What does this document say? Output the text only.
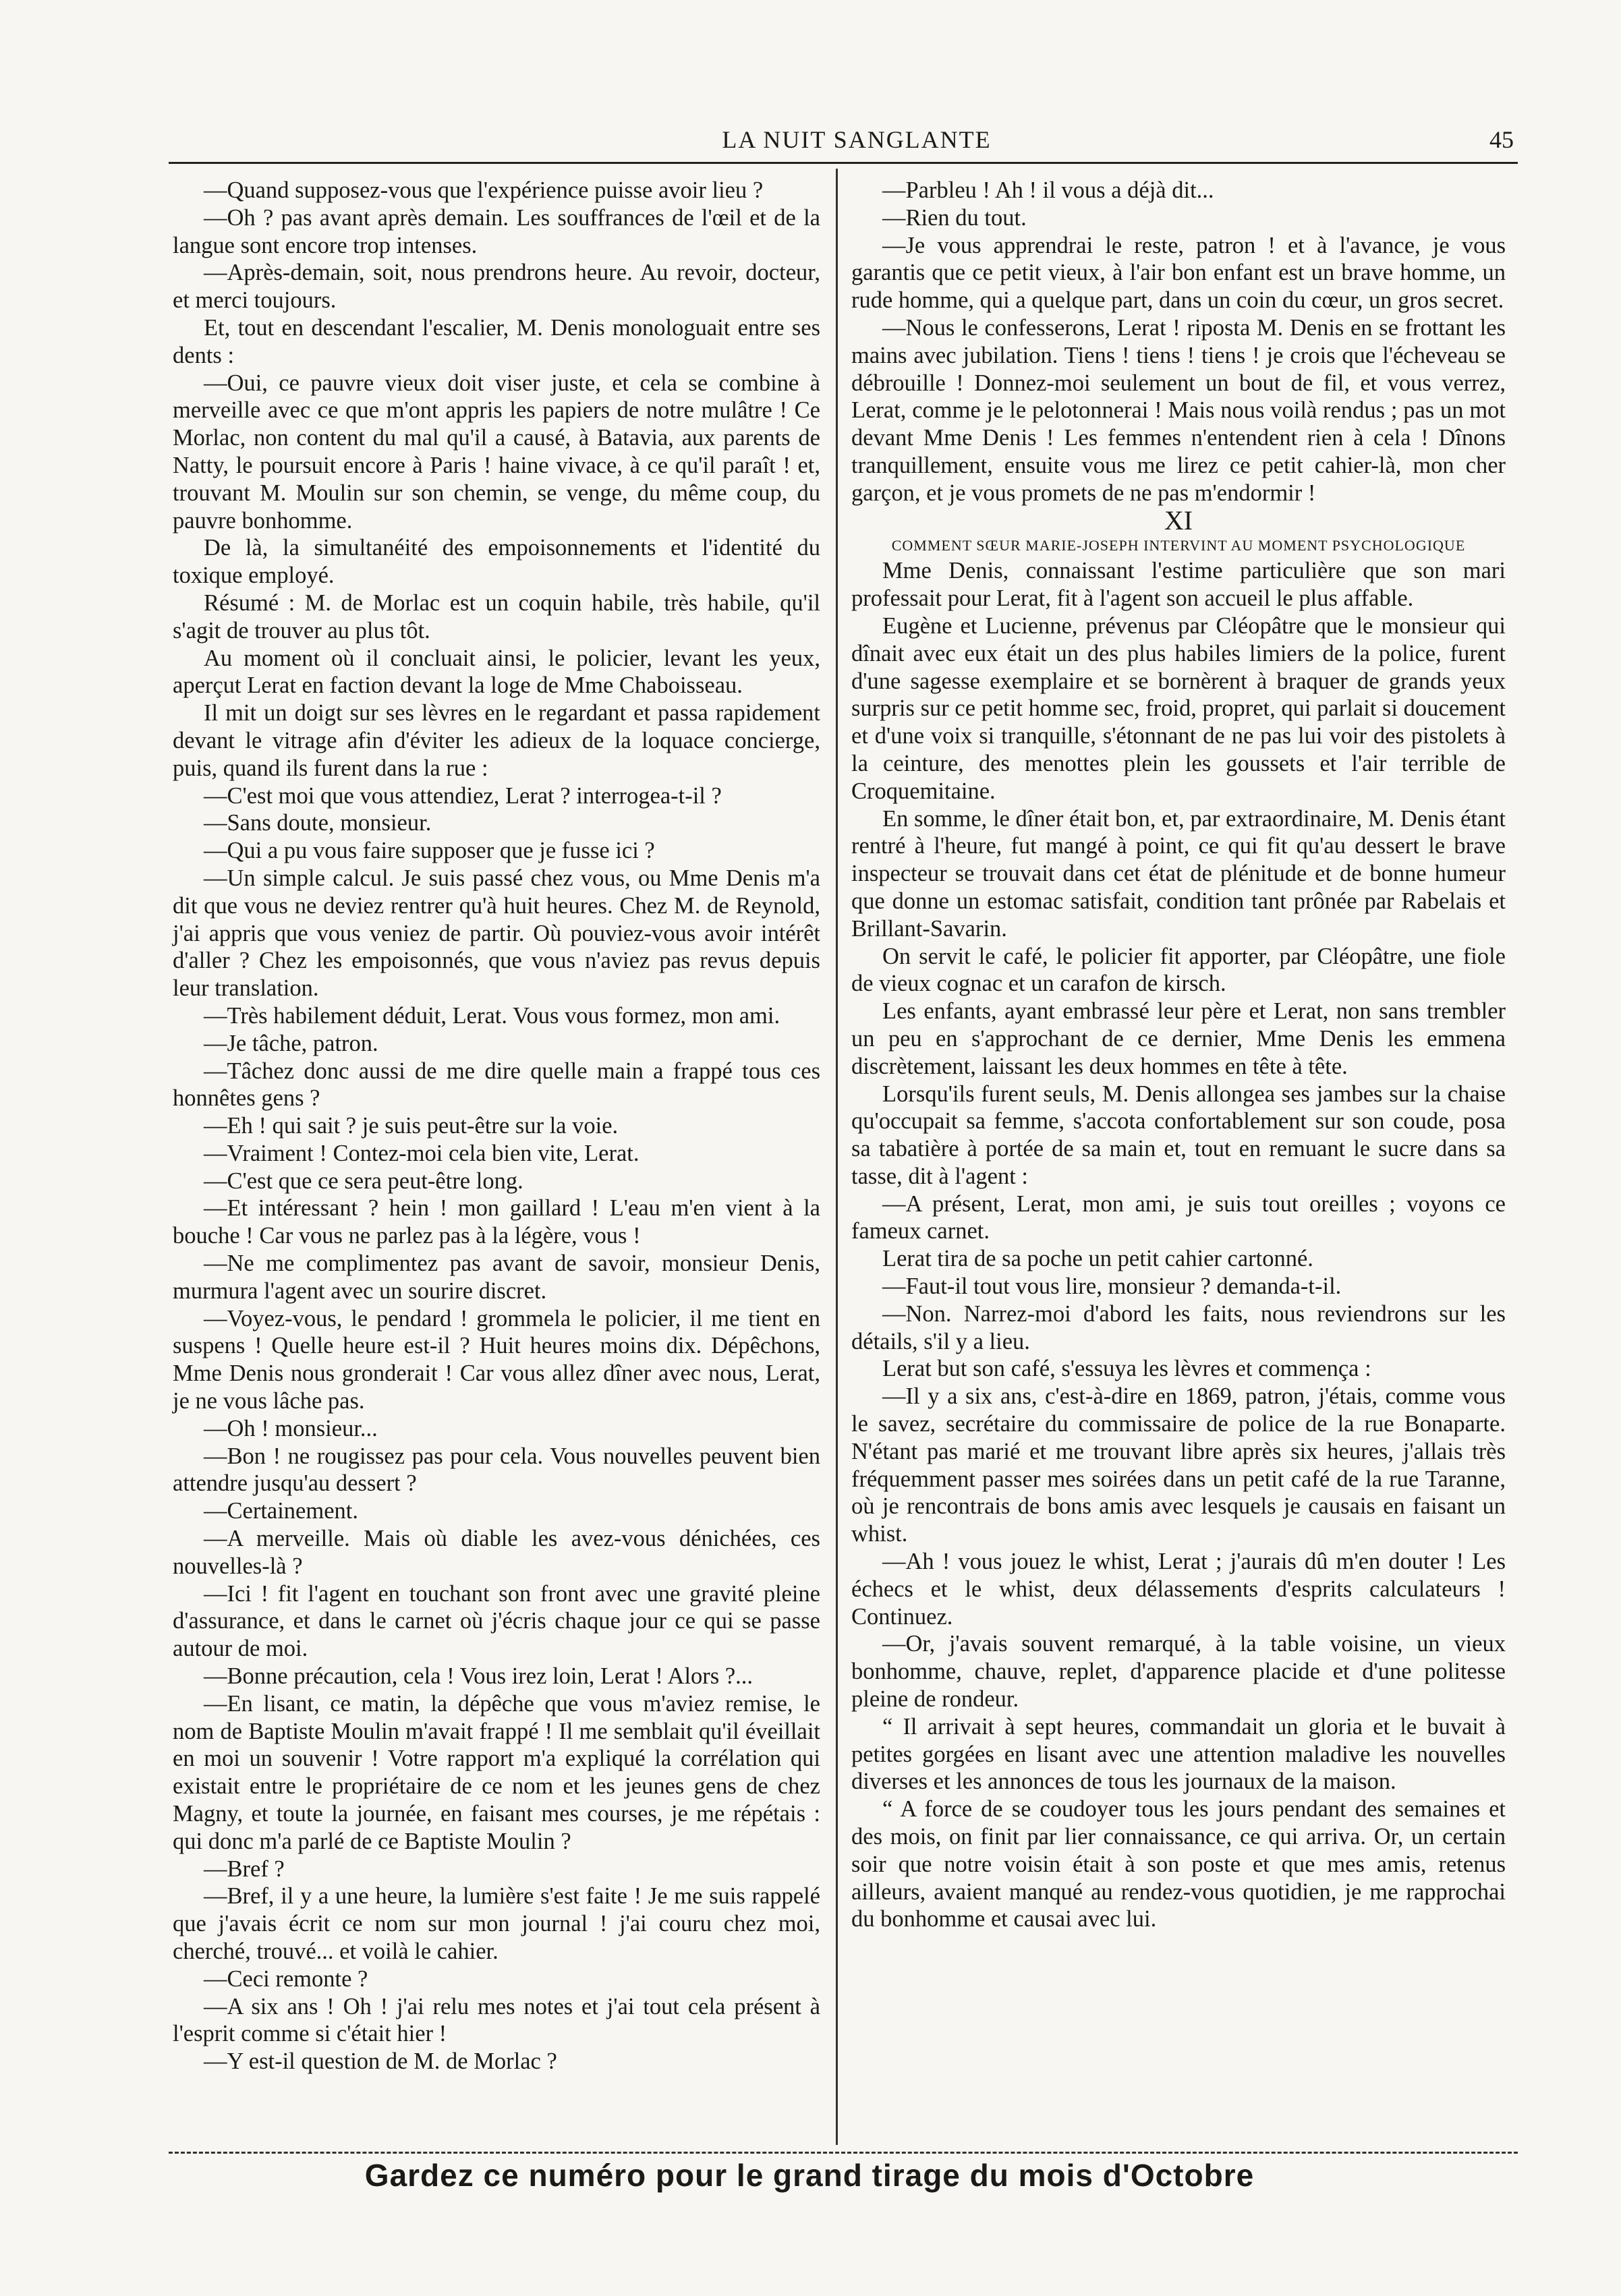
LA NUIT SANGLANTE	45

—Quand supposez-vous que l'expérience puisse avoir lieu ?

—Oh ? pas avant après demain. Les souffrances de l'œil et de la langue sont encore trop intenses.

—Après-demain, soit, nous prendrons heure. Au revoir, docteur, et merci toujours.

Et, tout en descendant l'escalier, M. Denis monologuait entre ses dents :

—Oui, ce pauvre vieux doit viser juste, et cela se combine à merveille avec ce que m'ont appris les papiers de notre mulâtre ! Ce Morlac, non content du mal qu'il a causé, à Batavia, aux parents de Natty, le poursuit encore à Paris ! haine vivace, à ce qu'il paraît ! et, trouvant M. Moulin sur son chemin, se venge, du même coup, du pauvre bonhomme.

De là, la simultanéité des empoisonnements et l'identité du toxique employé.

Résumé : M. de Morlac est un coquin habile, très habile, qu'il s'agit de trouver au plus tôt.

Au moment où il concluait ainsi, le policier, levant les yeux, aperçut Lerat en faction devant la loge de Mme Chaboisseau.

Il mit un doigt sur ses lèvres en le regardant et passa rapidement devant le vitrage afin d'éviter les adieux de la loquace concierge, puis, quand ils furent dans la rue :

—C'est moi que vous attendiez, Lerat ? interrogea-t-il ?

—Sans doute, monsieur.

—Qui a pu vous faire supposer que je fusse ici ?

—Un simple calcul. Je suis passé chez vous, ou Mme Denis m'a dit que vous ne deviez rentrer qu'à huit heures. Chez M. de Reynold, j'ai appris que vous veniez de partir. Où pouviez-vous avoir intérêt d'aller ? Chez les empoisonnés, que vous n'aviez pas revus depuis leur translation.

—Très habilement déduit, Lerat. Vous vous formez, mon ami.

—Je tâche, patron.

—Tâchez donc aussi de me dire quelle main a frappé tous ces honnêtes gens ?

—Eh ! qui sait ? je suis peut-être sur la voie.

—Vraiment ! Contez-moi cela bien vite, Lerat.

—C'est que ce sera peut-être long.

—Et intéressant ? hein ! mon gaillard ! L'eau m'en vient à la bouche ! Car vous ne parlez pas à la légère, vous !

—Ne me complimentez pas avant de savoir, monsieur Denis, murmura l'agent avec un sourire discret.

—Voyez-vous, le pendard ! grommela le policier, il me tient en suspens ! Quelle heure est-il ? Huit heures moins dix. Dépêchons, Mme Denis nous gronderait ! Car vous allez dîner avec nous, Lerat, je ne vous lâche pas.

—Oh ! monsieur...

—Bon ! ne rougissez pas pour cela. Vous nouvelles peuvent bien attendre jusqu'au dessert ?

—Certainement.

—A merveille. Mais où diable les avez-vous dénichées, ces nouvelles-là ?

—Ici ! fit l'agent en touchant son front avec une gravité pleine d'assurance, et dans le carnet où j'écris chaque jour ce qui se passe autour de moi.

—Bonne précaution, cela ! Vous irez loin, Lerat ! Alors ?...

—En lisant, ce matin, la dépêche que vous m'aviez remise, le nom de Baptiste Moulin m'avait frappé ! Il me semblait qu'il éveillait en moi un souvenir ! Votre rapport m'a expliqué la corrélation qui existait entre le propriétaire de ce nom et les jeunes gens de chez Magny, et toute la journée, en faisant mes courses, je me répétais : qui donc m'a parlé de ce Baptiste Moulin ?

—Bref ?

—Bref, il y a une heure, la lumière s'est faite ! Je me suis rappelé que j'avais écrit ce nom sur mon journal ! j'ai couru chez moi, cherché, trouvé... et voilà le cahier.

—Ceci remonte ?

—A six ans ! Oh ! j'ai relu mes notes et j'ai tout cela présent à l'esprit comme si c'était hier !

—Y est-il question de M. de Morlac ?

—Parbleu ! Ah ! il vous a déjà dit...

—Rien du tout.

—Je vous apprendrai le reste, patron ! et à l'avance, je vous garantis que ce petit vieux, à l'air bon enfant est un brave homme, un rude homme, qui a quelque part, dans un coin du cœur, un gros secret.

—Nous le confesserons, Lerat ! riposta M. Denis en se frottant les mains avec jubilation. Tiens ! tiens ! tiens ! je crois que l'écheveau se débrouille ! Donnez-moi seulement un bout de fil, et vous verrez, Lerat, comme je le pelotonnerai ! Mais nous voilà rendus ; pas un mot devant Mme Denis ! Les femmes n'entendent rien à cela ! Dînons tranquillement, ensuite vous me lirez ce petit cahier-là, mon cher garçon, et je vous promets de ne pas m'endormir !

XI

COMMENT SŒUR MARIE-JOSEPH INTERVINT AU MOMENT PSYCHOLOGIQUE

Mme Denis, connaissant l'estime particulière que son mari professait pour Lerat, fit à l'agent son accueil le plus affable.

Eugène et Lucienne, prévenus par Cléopâtre que le monsieur qui dînait avec eux était un des plus habiles limiers de la police, furent d'une sagesse exemplaire et se bornèrent à braquer de grands yeux surpris sur ce petit homme sec, froid, propret, qui parlait si doucement et d'une voix si tranquille, s'étonnant de ne pas lui voir des pistolets à la ceinture, des menottes plein les goussets et l'air terrible de Croquemitaine.

En somme, le dîner était bon, et, par extraordinaire, M. Denis étant rentré à l'heure, fut mangé à point, ce qui fit qu'au dessert le brave inspecteur se trouvait dans cet état de plénitude et de bonne humeur que donne un estomac satisfait, condition tant prônée par Rabelais et Brillant-Savarin.

On servit le café, le policier fit apporter, par Cléopâtre, une fiole de vieux cognac et un carafon de kirsch.

Les enfants, ayant embrassé leur père et Lerat, non sans trembler un peu en s'approchant de ce dernier, Mme Denis les emmena discrètement, laissant les deux hommes en tête à tête.

Lorsqu'ils furent seuls, M. Denis allongea ses jambes sur la chaise qu'occupait sa femme, s'accota confortablement sur son coude, posa sa tabatière à portée de sa main et, tout en remuant le sucre dans sa tasse, dit à l'agent :

—A présent, Lerat, mon ami, je suis tout oreilles ; voyons ce fameux carnet.

Lerat tira de sa poche un petit cahier cartonné.

—Faut-il tout vous lire, monsieur ? demanda-t-il.

—Non. Narrez-moi d'abord les faits, nous reviendrons sur les détails, s'il y a lieu.

Lerat but son café, s'essuya les lèvres et commença :

—Il y a six ans, c'est-à-dire en 1869, patron, j'étais, comme vous le savez, secrétaire du commissaire de police de la rue Bonaparte. N'étant pas marié et me trouvant libre après six heures, j'allais très fréquemment passer mes soirées dans un petit café de la rue Taranne, où je rencontrais de bons amis avec lesquels je causais en faisant un whist.

—Ah ! vous jouez le whist, Lerat ; j'aurais dû m'en douter ! Les échecs et le whist, deux délassements d'esprits calculateurs ! Continuez.

—Or, j'avais souvent remarqué, à la table voisine, un vieux bonhomme, chauve, replet, d'apparence placide et d'une politesse pleine de rondeur.

“ Il arrivait à sept heures, commandait un gloria et le buvait à petites gorgées en lisant avec une attention maladive les nouvelles diverses et les annonces de tous les journaux de la maison.

“ A force de se coudoyer tous les jours pendant des semaines et des mois, on finit par lier connaissance, ce qui arriva. Or, un certain soir que notre voisin était à son poste et que mes amis, retenus ailleurs, avaient manqué au rendez-vous quotidien, je me rapprochai du bonhomme et causai avec lui.

Gardez ce numéro pour le grand tirage du mois d'Octobre
